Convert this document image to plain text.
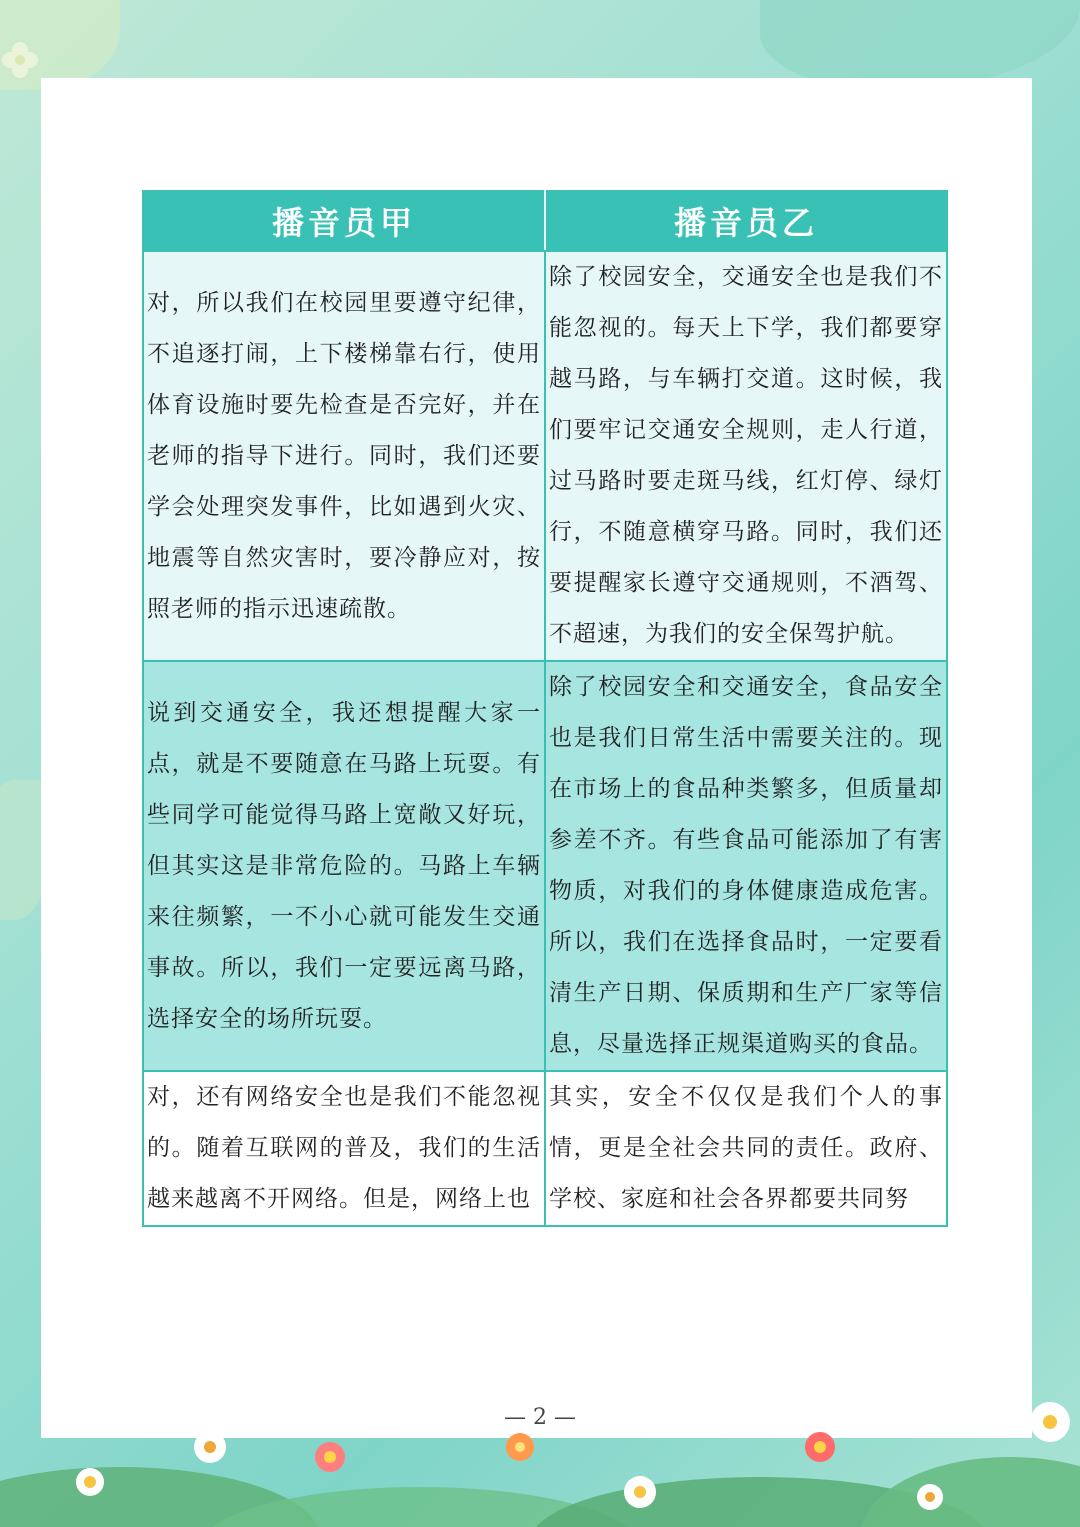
播音员甲	播音员乙
对，所以我们在校园里要遵守纪律，不追逐打闹，上下楼梯靠右行，使用体育设施时要先检查是否完好，并在老师的指导下进行。同时，我们还要学会处理突发事件，比如遇到火灾、地震等自然灾害时，要冷静应对，按照老师的指示迅速疏散。	除了校园安全，交通安全也是我们不能忽视的。每天上下学，我们都要穿越马路，与车辆打交道。这时候，我们要牢记交通安全规则，走人行道，过马路时要走斑马线，红灯停、绿灯行，不随意横穿马路。同时，我们还要提醒家长遵守交通规则，不酒驾、不超速，为我们的安全保驾护航。
说到交通安全，我还想提醒大家一点，就是不要随意在马路上玩耍。有些同学可能觉得马路上宽敞又好玩，但其实这是非常危险的。马路上车辆来往频繁，一不小心就可能发生交通事故。所以，我们一定要远离马路，选择安全的场所玩耍。	除了校园安全和交通安全，食品安全也是我们日常生活中需要关注的。现在市场上的食品种类繁多，但质量却参差不齐。有些食品可能添加了有害物质，对我们的身体健康造成危害。所以，我们在选择食品时，一定要看清生产日期、保质期和生产厂家等信息，尽量选择正规渠道购买的食品。
对，还有网络安全也是我们不能忽视的。随着互联网的普及，我们的生活越来越离不开网络。但是，网络上也	其实，安全不仅仅是我们个人的事情，更是全社会共同的责任。政府、学校、家庭和社会各界都要共同努
— 2 —
